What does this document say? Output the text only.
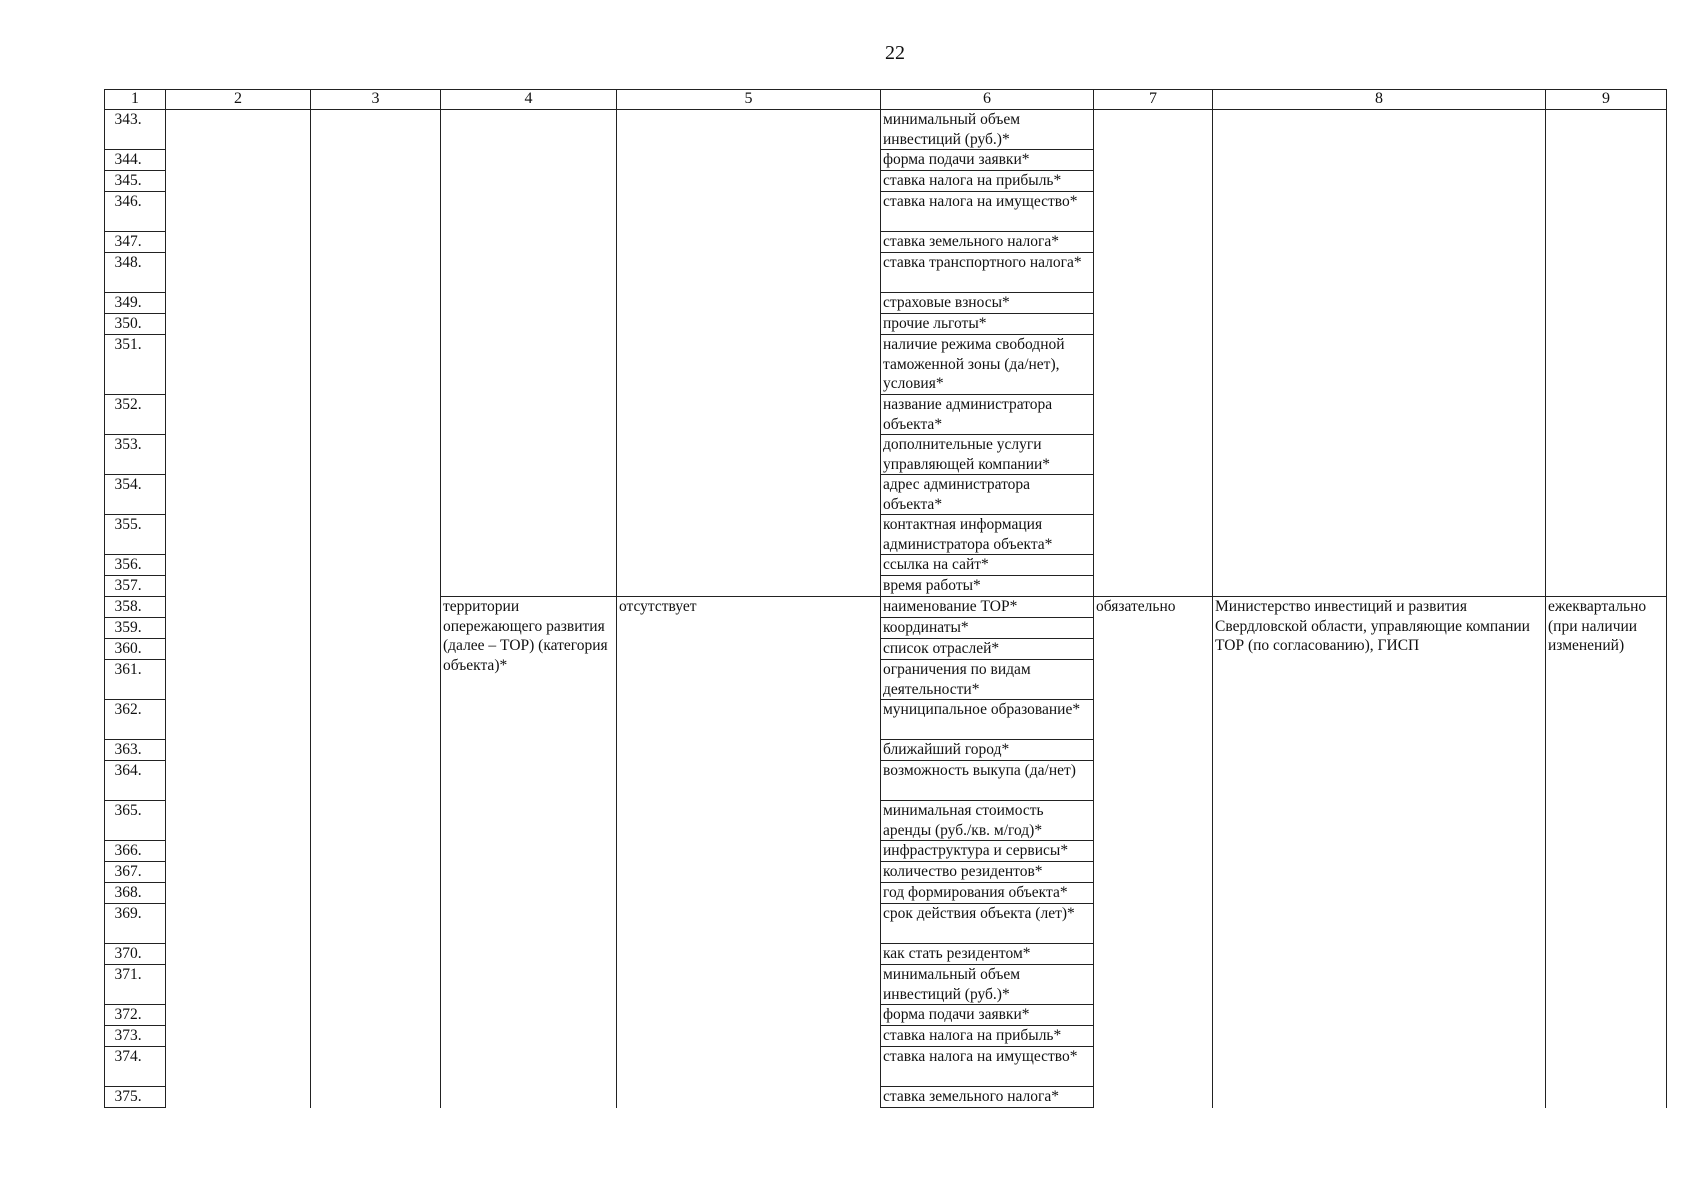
22
1	2	3	4	5	6	7	8	9
343.					минимальный объем инвестиций (руб.)*			
344.					форма подачи заявки*			
345.					ставка налога на прибыль*			
346.					ставка налога на имущество*			
347.					ставка земельного налога*			
348.					ставка транспортного налога*			
349.					страховые взносы*			
350.					прочие льготы*			
351.					наличие режима свободной таможенной зоны (да/нет), условия*			
352.					название администратора объекта*			
353.					дополнительные услуги управляющей компании*			
354.					адрес администратора объекта*			
355.					контактная информация администратора объекта*			
356.					ссылка на сайт*			
357.					время работы*			
358.			территории опережающего развития (далее – ТОР) (категория объекта)*	отсутствует	наименование ТОР*	обязательно	Министерство инвестиций и развития Свердловской области, управляющие компании ТОР (по согласованию), ГИСП	ежеквартально (при наличии изменений)
359.					координаты*			
360.					список отраслей*			
361.					ограничения по видам деятельности*			
362.					муниципальное образование*			
363.					ближайший город*			
364.					возможность выкупа (да/нет)			
365.					минимальная стоимость аренды (руб./кв. м/год)*			
366.					инфраструктура и сервисы*			
367.					количество резидентов*			
368.					год формирования объекта*			
369.					срок действия объекта (лет)*			
370.					как стать резидентом*			
371.					минимальный объем инвестиций (руб.)*			
372.					форма подачи заявки*			
373.					ставка налога на прибыль*			
374.					ставка налога на имущество*			
375.					ставка земельного налога*			
